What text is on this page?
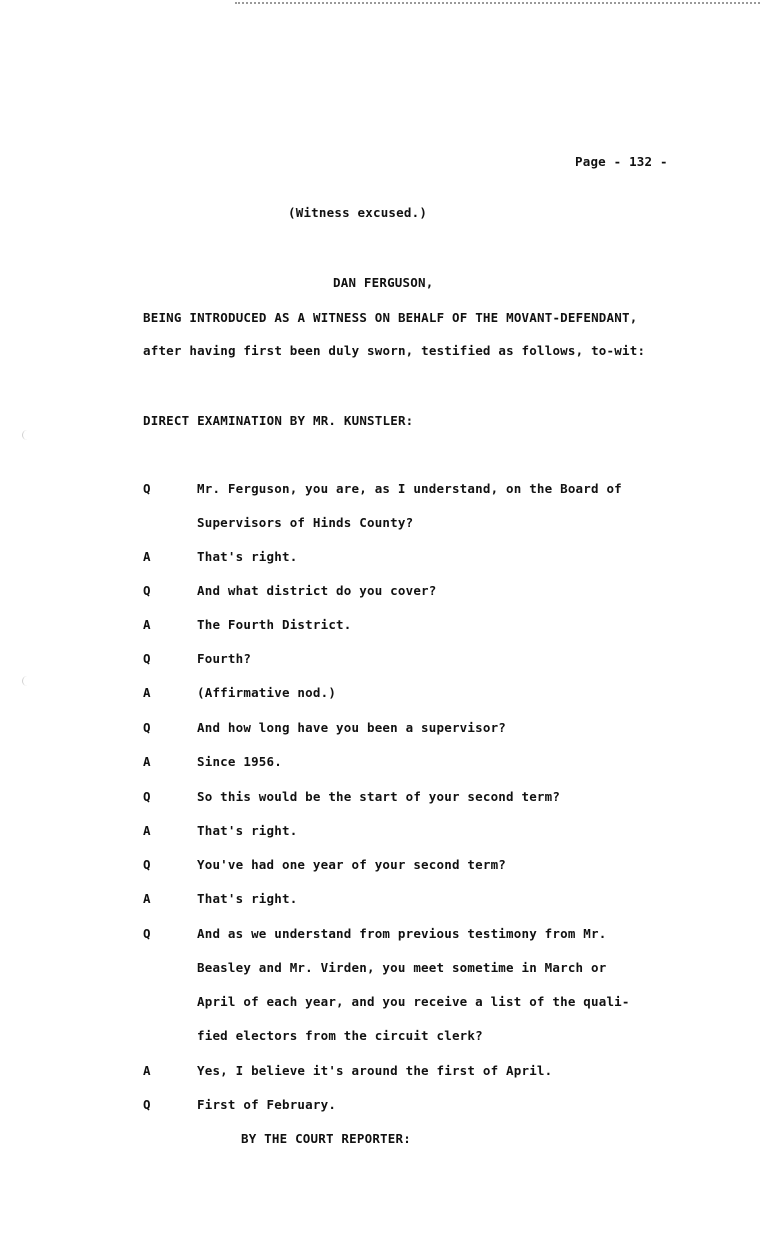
Page - 132 -
(Witness excused.)
DAN FERGUSON,
BEING INTRODUCED AS A WITNESS ON BEHALF OF THE MOVANT-DEFENDANT,
after having first been duly sworn, testified as follows, to-wit:
DIRECT EXAMINATION BY MR. KUNSTLER:
Q	Mr. Ferguson, you are, as I understand, on the Board of
Supervisors of Hinds County?
A	That's right.
Q	And what district do you cover?
A	The Fourth District.
Q	Fourth?
A	(Affirmative nod.)
Q	And how long have you been a supervisor?
A	Since 1956.
Q	So this would be the start of your second term?
A	That's right.
Q	You've had one year of your second term?
A	That's right.
Q	And as we understand from previous testimony from Mr.
Beasley and Mr. Virden, you meet sometime in March or
April of each year, and you receive a list of the quali-
fied electors from the circuit clerk?
A	Yes, I believe it's around the first of April.
Q	First of February.
BY THE COURT REPORTER:
